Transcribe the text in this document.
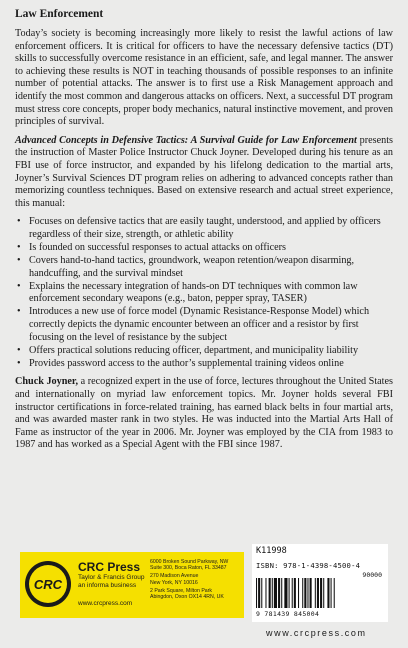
Law Enforcement

Today’s society is becoming increasingly more likely to resist the lawful actions of law enforcement officers. It is critical for officers to have the necessary defensive tactics (DT) skills to successfully overcome resistance in an efficient, safe, and legal manner. The answer to achieving these results is NOT in teaching thousands of possible responses to an infinite number of potential attacks. The answer is to first use a Risk Management approach and identify the most common and dangerous attacks on officers. Next, a successful DT program must stress core concepts, proper body mechanics, natural instinctive movement, and proven principles of survival.

Advanced Concepts in Defensive Tactics: A Survival Guide for Law Enforcement presents the instruction of Master Police Instructor Chuck Joyner. Developed during his tenure as an FBI use of force instructor, and expanded by his lifelong dedication to the martial arts, Joyner’s Survival Sciences DT program relies on adhering to advanced concepts rather than memorizing countless techniques. Based on extensive research and actual street experience, this manual:

• Focuses on defensive tactics that are easily taught, understood, and applied by officers regardless of their size, strength, or athletic ability
• Is founded on successful responses to actual attacks on officers
• Covers hand-to-hand tactics, groundwork, weapon retention/weapon disarming, handcuffing, and the survival mindset
• Explains the necessary integration of hands-on DT techniques with common law enforcement secondary weapons (e.g., baton, pepper spray, TASER)
• Introduces a new use of force model (Dynamic Resistance-Response Model) which correctly depicts the dynamic encounter between an officer and a resistor by first focusing on the level of resistance by the subject
• Offers practical solutions reducing officer, department, and municipality liability
• Provides password access to the author’s supplemental training videos online

Chuck Joyner, a recognized expert in the use of force, lectures throughout the United States and internationally on myriad law enforcement topics. Mr. Joyner holds several FBI instructor certifications in force-related training, has earned black belts in four martial arts, and was awarded master rank in two styles. He was inducted into the Martial Arts Hall of Fame as instructor of the year in 2006. Mr. Joyner was employed by the CIA from 1983 to 1987 and has worked as a Special Agent with the FBI since 1987.

CRC
CRC Press
Taylor & Francis Group
an informa business
www.crcpress.com
6000 Broken Sound Parkway, NW
Suite 300, Boca Raton, FL 33487
270 Madison Avenue
New York, NY 10016
2 Park Square, Milton Park
Abingdon, Oxon OX14 4RN, UK
K11998
ISBN: 978-1-4398-4500-4
90000
9 781439 845004
www.crcpress.com
